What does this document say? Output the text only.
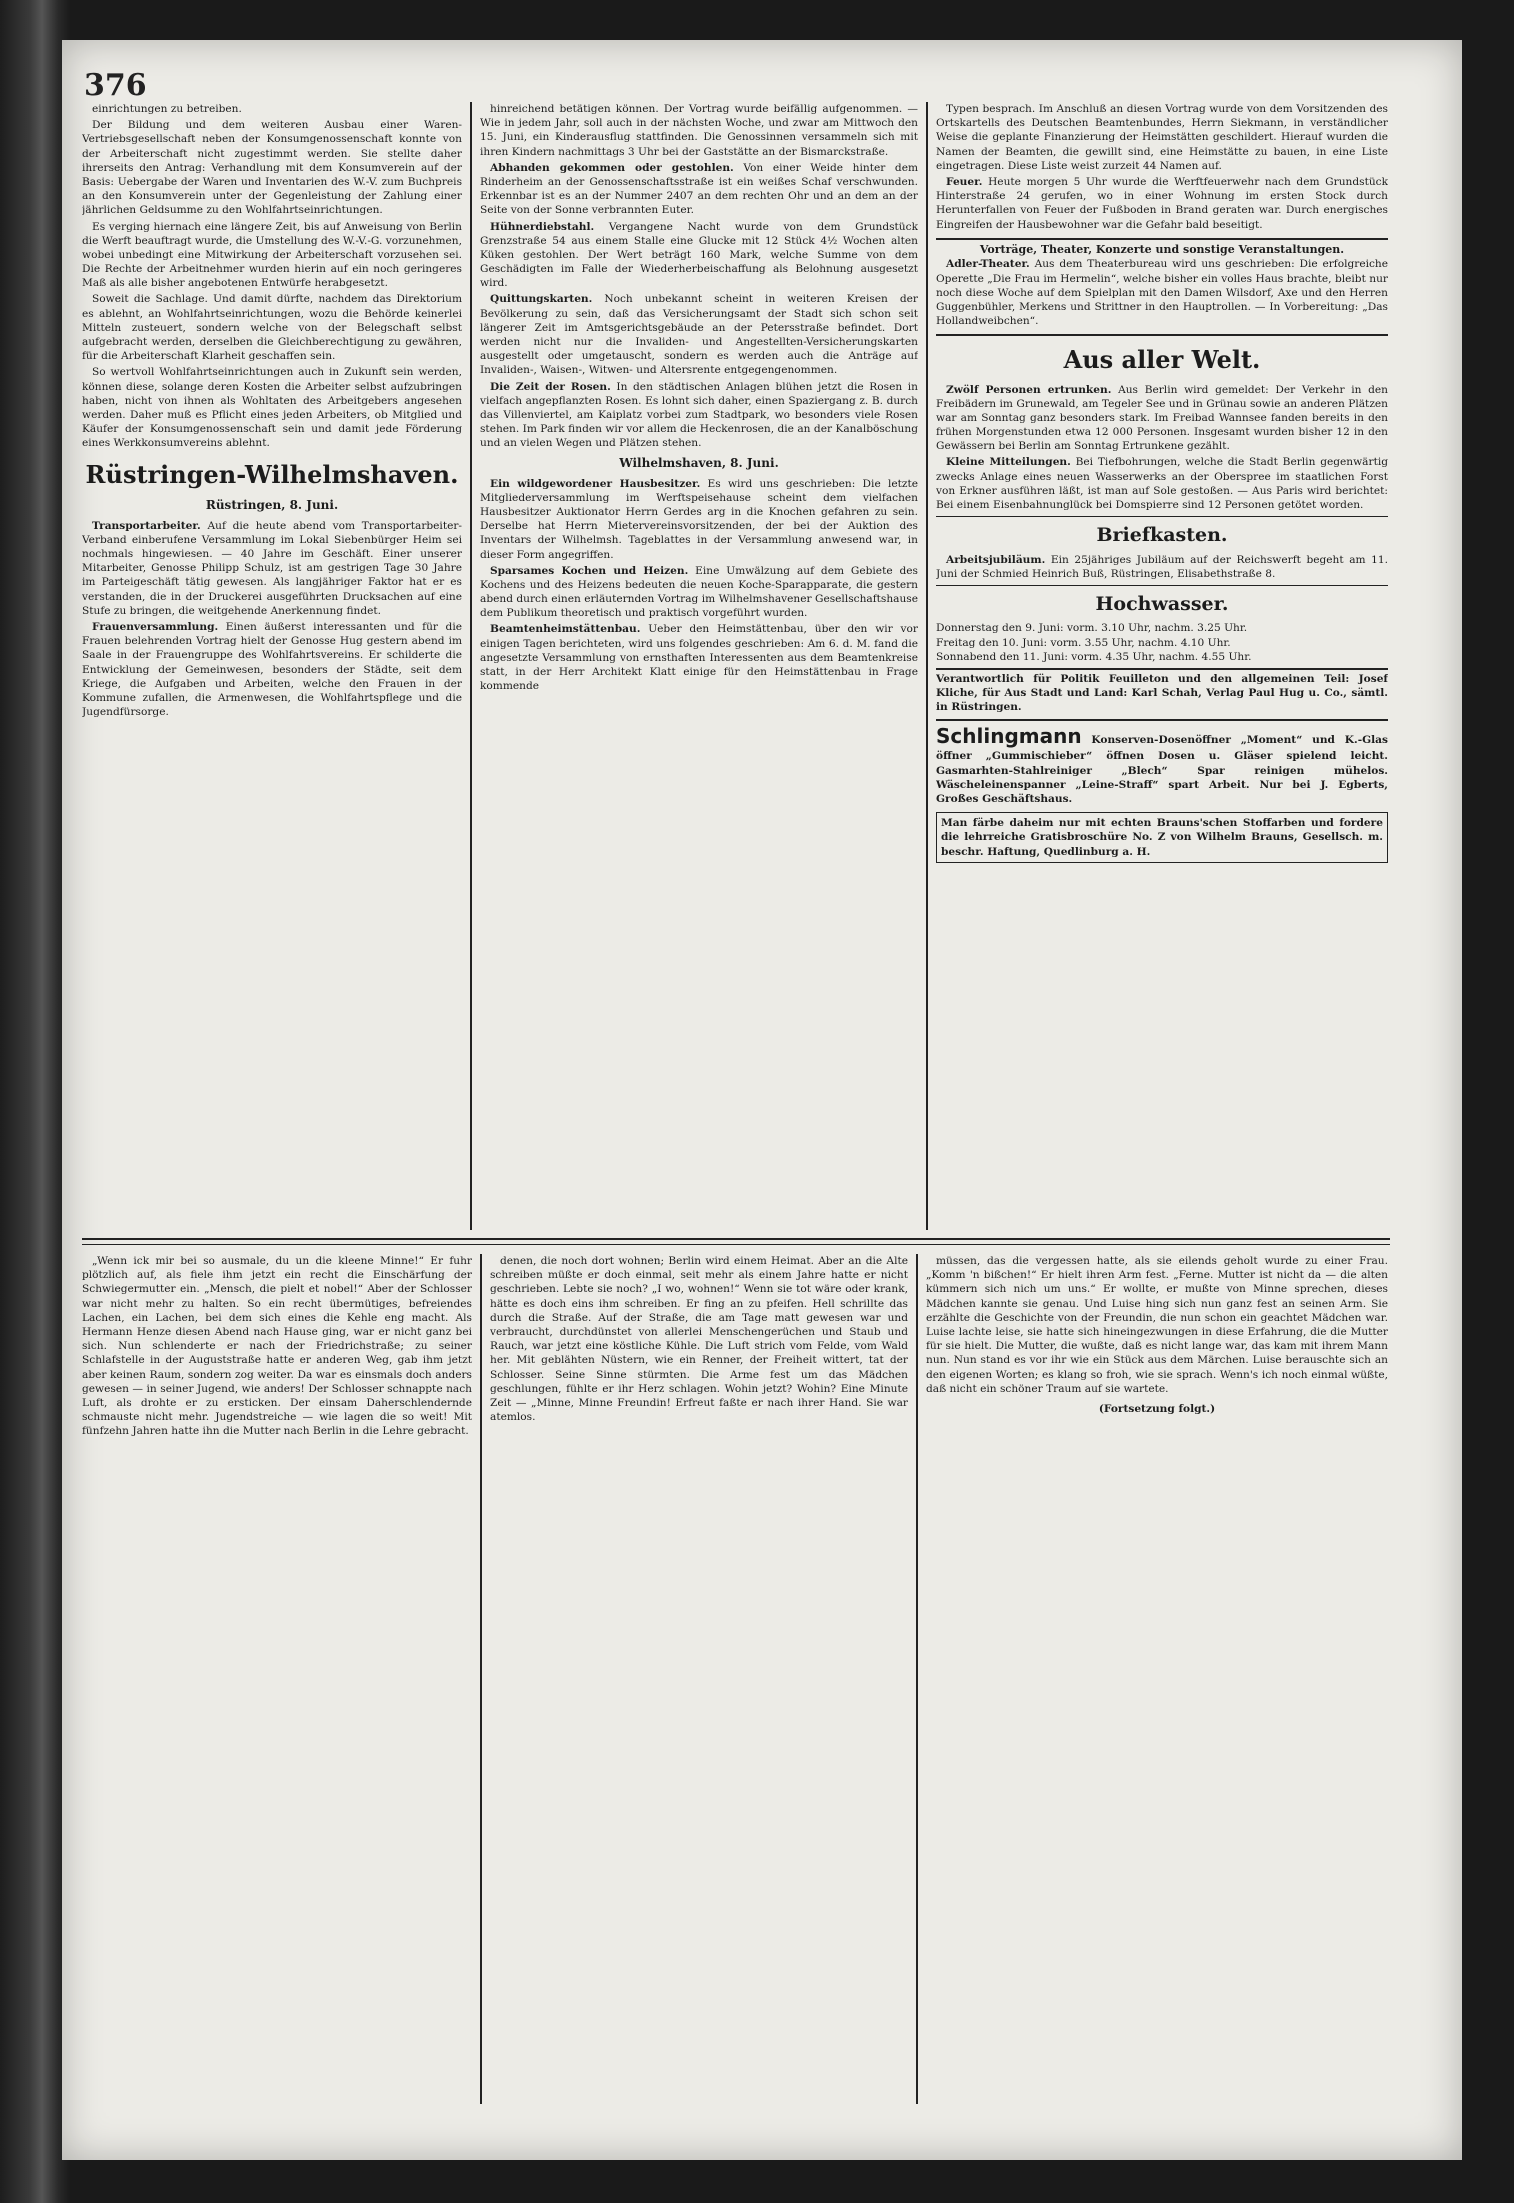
376

einrichtungen zu betreiben.

Der Bildung und dem weiteren Ausbau einer Waren-Vertriebsgesellschaft neben der Konsumgenossenschaft konnte von der Arbeiterschaft nicht zugestimmt werden. Sie stellte daher ihrerseits den Antrag: Verhandlung mit dem Konsumverein auf der Basis: Uebergabe der Waren und Inventarien des W.-V. zum Buchpreis an den Konsumverein unter der Gegenleistung der Zahlung einer jährlichen Geldsumme zu den Wohlfahrtseinrichtungen.

Es verging hiernach eine längere Zeit, bis auf Anweisung von Berlin die Werft beauftragt wurde, die Umstellung des W.-V.-G. vorzunehmen, wobei unbedingt eine Mitwirkung der Arbeiterschaft vorzusehen sei. Die Rechte der Arbeitnehmer wurden hierin auf ein noch geringeres Maß als alle bisher angebotenen Entwürfe herabgesetzt.

Soweit die Sachlage. Und damit dürfte, nachdem das Direktorium es ablehnt, an Wohlfahrtseinrichtungen, wozu die Behörde keinerlei Mitteln zusteuert, sondern welche von der Belegschaft selbst aufgebracht werden, derselben die Gleichberechtigung zu gewähren, für die Arbeiterschaft Klarheit geschaffen sein.

So wertvoll Wohlfahrtseinrichtungen auch in Zukunft sein werden, können diese, solange deren Kosten die Arbeiter selbst aufzubringen haben, nicht von ihnen als Wohltaten des Arbeitgebers angesehen werden. Daher muß es Pflicht eines jeden Arbeiters, ob Mitglied und Käufer der Konsumgenossenschaft sein und damit jede Förderung eines Werkkonsumvereins ablehnt.

Rüstringen-Wilhelmshaven.
Rüstringen, 8. Juni.

Transportarbeiter. Auf die heute abend vom Transportarbeiter-Verband einberufene Versammlung im Lokal Siebenbürger Heim sei nochmals hingewiesen. — 40 Jahre im Geschäft. Einer unserer Mitarbeiter, Genosse Philipp Schulz, ist am gestrigen Tage 30 Jahre im Parteigeschäft tätig gewesen. Als langjähriger Faktor hat er es verstanden, die in der Druckerei ausgeführten Drucksachen auf eine Stufe zu bringen, die weitgehende Anerkennung findet.

Frauenversammlung. Einen äußerst interessanten und für die Frauen belehrenden Vortrag hielt der Genosse Hug gestern abend im Saale in der Frauengruppe des Wohlfahrtsvereins. Er schilderte die Entwicklung der Gemeinwesen, besonders der Städte, seit dem Kriege, die Aufgaben und Arbeiten, welche den Frauen in der Kommune zufallen, die Armenwesen, die Wohlfahrtspflege und die Jugendfürsorge.

hinreichend betätigen können. Der Vortrag wurde beifällig aufgenommen. — Wie in jedem Jahr, soll auch in der nächsten Woche, und zwar am Mittwoch den 15. Juni, ein Kinderausflug stattfinden. Die Genossinnen versammeln sich mit ihren Kindern nachmittags 3 Uhr bei der Gaststätte an der Bismarckstraße.

Abhanden gekommen oder gestohlen. Von einer Weide hinter dem Rinderheim an der Genossenschaftsstraße ist ein weißes Schaf verschwunden. Erkennbar ist es an der Nummer 2407 an dem rechten Ohr und an dem an der Seite von der Sonne verbrannten Euter.

Hühnerdiebstahl. Vergangene Nacht wurde von dem Grundstück Grenzstraße 54 aus einem Stalle eine Glucke mit 12 Stück 4½ Wochen alten Küken gestohlen. Der Wert beträgt 160 Mark, welche Summe von dem Geschädigten im Falle der Wiederherbeischaffung als Belohnung ausgesetzt wird.

Quittungskarten. Noch unbekannt scheint in weiteren Kreisen der Bevölkerung zu sein, daß das Versicherungsamt der Stadt sich schon seit längerer Zeit im Amtsgerichtsgebäude an der Petersstraße befindet. Dort werden nicht nur die Invaliden- und Angestellten-Versicherungskarten ausgestellt oder umgetauscht, sondern es werden auch die Anträge auf Invaliden-, Waisen-, Witwen- und Altersrente entgegengenommen.

Die Zeit der Rosen. In den städtischen Anlagen blühen jetzt die Rosen in vielfach angepflanzten Rosen. Es lohnt sich daher, einen Spaziergang z. B. durch das Villenviertel, am Kaiplatz vorbei zum Stadtpark, wo besonders viele Rosen stehen. Im Park finden wir vor allem die Heckenrosen, die an der Kanalböschung und an vielen Wegen und Plätzen stehen.

Wilhelmshaven, 8. Juni.

Ein wildgewordener Hausbesitzer. Es wird uns geschrieben: Die letzte Mitgliederversammlung im Werftspeisehause scheint dem vielfachen Hausbesitzer Auktionator Herrn Gerdes arg in die Knochen gefahren zu sein. Derselbe hat Herrn Mietervereinsvorsitzenden, der bei der Auktion des Inventars der Wilhelmsh. Tageblattes in der Versammlung anwesend war, in dieser Form angegriffen.

Sparsames Kochen und Heizen. Eine Umwälzung auf dem Gebiete des Kochens und des Heizens bedeuten die neuen Koche-Sparapparate, die gestern abend durch einen erläuternden Vortrag im Wilhelmshavener Gesellschaftshause dem Publikum theoretisch und praktisch vorgeführt wurden.

Beamtenheimstättenbau. Ueber den Heimstättenbau, über den wir vor einigen Tagen berichteten, wird uns folgendes geschrieben: Am 6. d. M. fand die angesetzte Versammlung von ernsthaften Interessenten aus dem Beamtenkreise statt, in der Herr Architekt Klatt einige für den Heimstättenbau in Frage kommende

Typen besprach. Im Anschluß an diesen Vortrag wurde von dem Vorsitzenden des Ortskartells des Deutschen Beamtenbundes, Herrn Siekmann, in verständlicher Weise die geplante Finanzierung der Heimstätten geschildert. Hierauf wurden die Namen der Beamten, die gewillt sind, eine Heimstätte zu bauen, in eine Liste eingetragen. Diese Liste weist zurzeit 44 Namen auf.

Feuer. Heute morgen 5 Uhr wurde die Werftfeuerwehr nach dem Grundstück Hinterstraße 24 gerufen, wo in einer Wohnung im ersten Stock durch Herunterfallen von Feuer der Fußboden in Brand geraten war. Durch energisches Eingreifen der Hausbewohner war die Gefahr bald beseitigt.

Vorträge, Theater, Konzerte und sonstige Veranstaltungen.

Adler-Theater. Aus dem Theaterbureau wird uns geschrieben: Die erfolgreiche Operette „Die Frau im Hermelin“, welche bisher ein volles Haus brachte, bleibt nur noch diese Woche auf dem Spielplan mit den Damen Wilsdorf, Axe und den Herren Guggenbühler, Merkens und Strittner in den Hauptrollen. — In Vorbereitung: „Das Hollandweibchen“.

Aus aller Welt.

Zwölf Personen ertrunken. Aus Berlin wird gemeldet: Der Verkehr in den Freibädern im Grunewald, am Tegeler See und in Grünau sowie an anderen Plätzen war am Sonntag ganz besonders stark. Im Freibad Wannsee fanden bereits in den frühen Morgenstunden etwa 12 000 Personen. Insgesamt wurden bisher 12 in den Gewässern bei Berlin am Sonntag Ertrunkene gezählt.

Kleine Mitteilungen. Bei Tiefbohrungen, welche die Stadt Berlin gegenwärtig zwecks Anlage eines neuen Wasserwerks an der Oberspree im staatlichen Forst von Erkner ausführen läßt, ist man auf Sole gestoßen. — Aus Paris wird berichtet: Bei einem Eisenbahnunglück bei Domspierre sind 12 Personen getötet worden.

Briefkasten.

Arbeitsjubiläum. Ein 25jähriges Jubiläum auf der Reichswerft begeht am 11. Juni der Schmied Heinrich Buß, Rüstringen, Elisabethstraße 8.

Hochwasser.
Donnerstag den 9. Juni: vorm. 3.10 Uhr, nachm. 3.25 Uhr.
Freitag den 10. Juni: vorm. 3.55 Uhr, nachm. 4.10 Uhr.
Sonnabend den 11. Juni: vorm. 4.35 Uhr, nachm. 4.55 Uhr.
Verantwortlich für Politik Feuilleton und den allgemeinen Teil: Josef Kliche, für Aus Stadt und Land: Karl Schah, Verlag Paul Hug u. Co., sämtl. in Rüstringen.
Schlingmann Konserven-Dosenöffner „Moment“ und K.-Glas öffner „Gummischieber“ öffnen Dosen u. Gläser spielend leicht. Gasmarhten-Stahlreiniger „Blech“ Spar reinigen mühelos. Wäscheleinenspanner „Leine-Straff“ spart Arbeit. Nur bei J. Egberts, Großes Geschäftshaus.
Man färbe daheim nur mit echten Brauns'schen Stoffarben und fordere die lehrreiche Gratisbroschüre No. Z von Wilhelm Brauns, Gesellsch. m. beschr. Haftung, Quedlinburg a. H.

„Wenn ick mir bei so ausmale, du un die kleene Minne!“ Er fuhr plötzlich auf, als fiele ihm jetzt ein recht die Einschärfung der Schwiegermutter ein. „Mensch, die pielt et nobel!“ Aber der Schlosser war nicht mehr zu halten. So ein recht übermütiges, befreiendes Lachen, ein Lachen, bei dem sich eines die Kehle eng macht. Als Hermann Henze diesen Abend nach Hause ging, war er nicht ganz bei sich. Nun schlenderte er nach der Friedrichstraße; zu seiner Schlafstelle in der Auguststraße hatte er anderen Weg, gab ihm jetzt aber keinen Raum, sondern zog weiter. Da war es einsmals doch anders gewesen — in seiner Jugend, wie anders! Der Schlosser schnappte nach Luft, als drohte er zu ersticken. Der einsam Daherschlendernde schmauste nicht mehr. Jugendstreiche — wie lagen die so weit! Mit fünfzehn Jahren hatte ihn die Mutter nach Berlin in die Lehre gebracht.

denen, die noch dort wohnen; Berlin wird einem Heimat. Aber an die Alte schreiben müßte er doch einmal, seit mehr als einem Jahre hatte er nicht geschrieben. Lebte sie noch? „I wo, wohnen!“ Wenn sie tot wäre oder krank, hätte es doch eins ihm schreiben. Er fing an zu pfeifen. Hell schrillte das durch die Straße. Auf der Straße, die am Tage matt gewesen war und verbraucht, durchdünstet von allerlei Menschengerüchen und Staub und Rauch, war jetzt eine köstliche Kühle. Die Luft strich vom Felde, vom Wald her. Mit geblähten Nüstern, wie ein Renner, der Freiheit wittert, tat der Schlosser. Seine Sinne stürmten. Die Arme fest um das Mädchen geschlungen, fühlte er ihr Herz schlagen. Wohin jetzt? Wohin? Eine Minute Zeit — „Minne, Minne Freundin! Erfreut faßte er nach ihrer Hand. Sie war atemlos.

müssen, das die vergessen hatte, als sie eilends geholt wurde zu einer Frau. „Komm 'n bißchen!“ Er hielt ihren Arm fest. „Ferne. Mutter ist nicht da — die alten kümmern sich nich um uns.“ Er wollte, er mußte von Minne sprechen, dieses Mädchen kannte sie genau. Und Luise hing sich nun ganz fest an seinen Arm. Sie erzählte die Geschichte von der Freundin, die nun schon ein geachtet Mädchen war. Luise lachte leise, sie hatte sich hineingezwungen in diese Erfahrung, die die Mutter für sie hielt. Die Mutter, die wußte, daß es nicht lange war, das kam mit ihrem Mann nun. Nun stand es vor ihr wie ein Stück aus dem Märchen. Luise berauschte sich an den eigenen Worten; es klang so froh, wie sie sprach. Wenn's ich noch einmal wüßte, daß nicht ein schöner Traum auf sie wartete.

(Fortsetzung folgt.)
